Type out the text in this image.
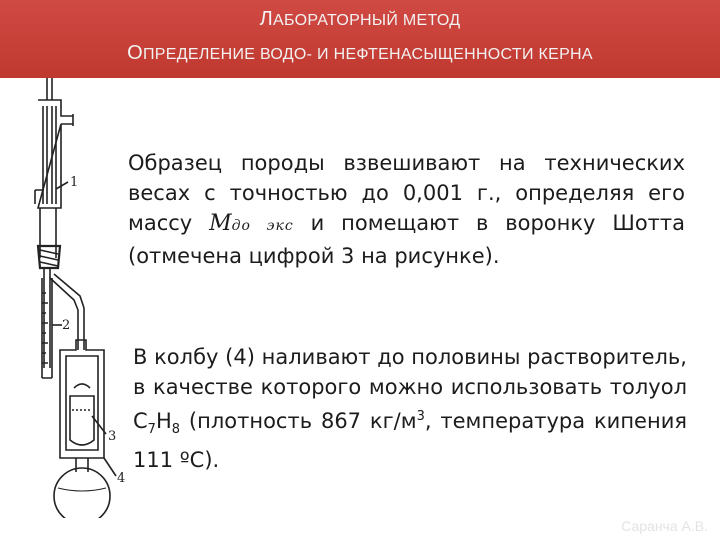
ЛАБОРАТОРНЫЙ МЕТОД
ОПРЕДЕЛЕНИЕ ВОДО- И НЕФТЕНАСЫЩЕННОСТИ КЕРНА
1
2
3
4

Образец породы взвешивают на технических весах с точностью до 0,001 г., определяя его массу Mдо экс и помещают в воронку Шотта (отмечена цифрой 3 на рисунке).

В колбу (4) наливают до половины растворитель, в качестве которого можно использовать толуол $С_7Н_8$ (плотность 867 $кг/м^3$, температура кипения 111 ºС).

Саранча А.В.
